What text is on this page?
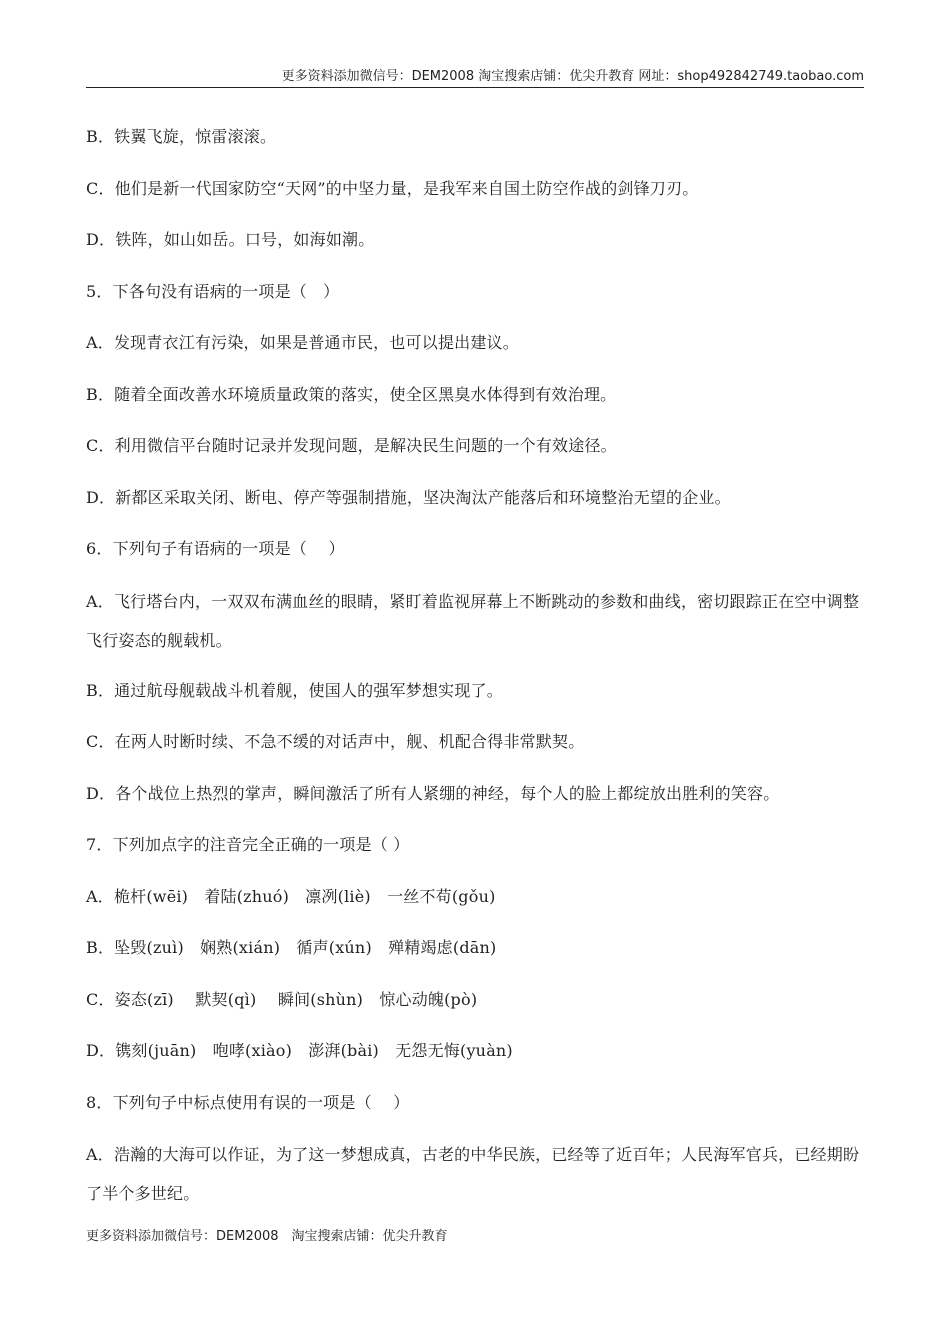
更多资料添加微信号：DEM2008 淘宝搜索店铺：优尖升教育 网址：shop492842749.taobao.com

B．铁翼飞旋，惊雷滚滚。

C．他们是新一代国家防空“天网”的中坚力量，是我军来自国土防空作战的剑锋刀刃。

D．铁阵，如山如岳。口号，如海如潮。

5．下各句没有语病的一项是（　）

A．发现青衣江有污染，如果是普通市民，也可以提出建议。

B．随着全面改善水环境质量政策的落实，使全区黑臭水体得到有效治理。

C．利用微信平台随时记录并发现问题，是解决民生问题的一个有效途径。

D．新都区采取关闭、断电、停产等强制措施，坚决淘汰产能落后和环境整治无望的企业。

6．下列句子有语病的一项是（　 ）

A．飞行塔台内，一双双布满血丝的眼睛，紧盯着监视屏幕上不断跳动的参数和曲线，密切跟踪正在空中调整飞行姿态的舰载机。

B．通过航母舰载战斗机着舰，使国人的强军梦想实现了。

C．在两人时断时续、不急不缓的对话声中，舰、机配合得非常默契。

D．各个战位上热烈的掌声，瞬间激活了所有人紧绷的神经，每个人的脸上都绽放出胜利的笑容。

7．下列加点字的注音完全正确的一项是（ ）

A．桅杆(wēi)　着陆(zhuó)　凛冽(liè)　一丝不苟(gǒu)

B．坠毁(zuì)　娴熟(xián)　循声(xún)　殚精竭虑(dān)

C．姿态(zī)　 默契(qì)　 瞬间(shùn)　惊心动魄(pò)

D．镌刻(juān)　咆哮(xiào)　澎湃(bài)　无怨无悔(yuàn)

8．下列句子中标点使用有误的一项是（　 ）

A．浩瀚的大海可以作证，为了这一梦想成真，古老的中华民族，已经等了近百年；人民海军官兵，已经期盼了半个多世纪。

更多资料添加微信号：DEM2008　淘宝搜索店铺：优尖升教育
